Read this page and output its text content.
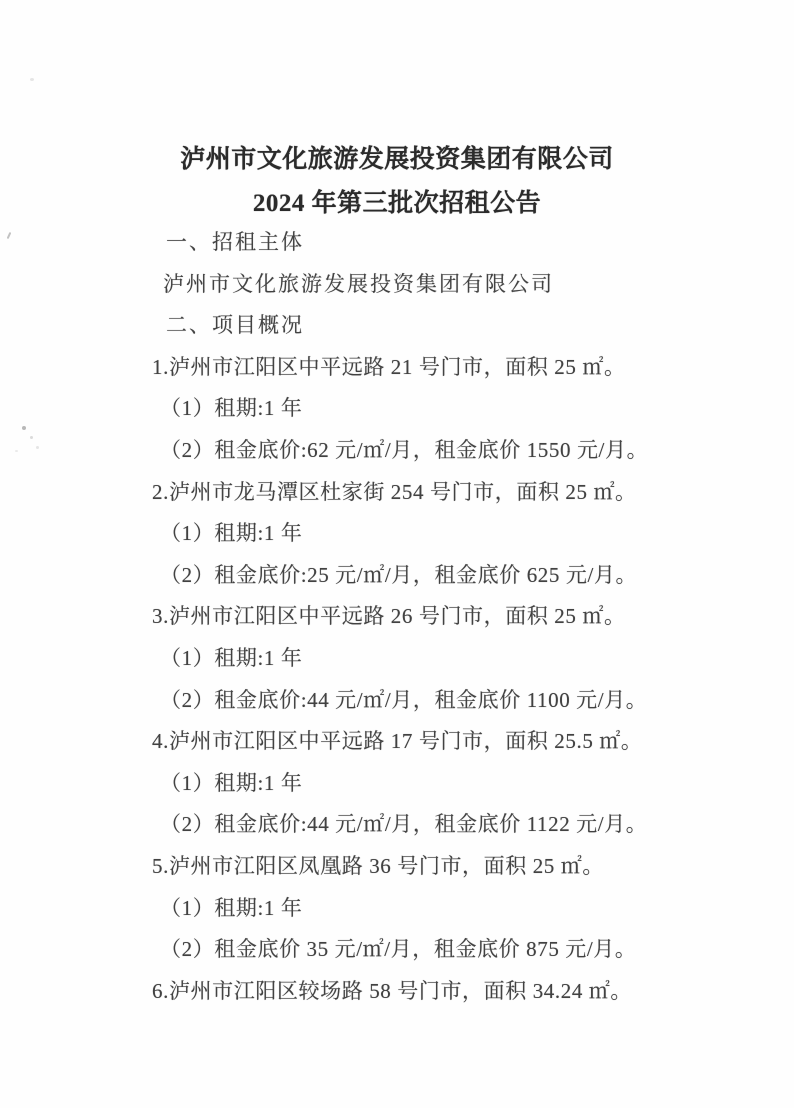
泸州市文化旅游发展投资集团有限公司
2024 年第三批次招租公告
一、招租主体
泸州市文化旅游发展投资集团有限公司
二、项目概况
1.泸州市江阳区中平远路 21 号门市，面积 25 ㎡。
（1）租期:1 年
（2）租金底价:62 元/㎡/月，租金底价 1550 元/月。
2.泸州市龙马潭区杜家街 254 号门市，面积 25 ㎡。
（1）租期:1 年
（2）租金底价:25 元/㎡/月，租金底价 625 元/月。
3.泸州市江阳区中平远路 26 号门市，面积 25 ㎡。
（1）租期:1 年
（2）租金底价:44 元/㎡/月，租金底价 1100 元/月。
4.泸州市江阳区中平远路 17 号门市，面积 25.5 ㎡。
（1）租期:1 年
（2）租金底价:44 元/㎡/月，租金底价 1122 元/月。
5.泸州市江阳区凤凰路 36 号门市，面积 25 ㎡。
（1）租期:1 年
（2）租金底价 35 元/㎡/月，租金底价 875 元/月。
6.泸州市江阳区较场路 58 号门市，面积 34.24 ㎡。
